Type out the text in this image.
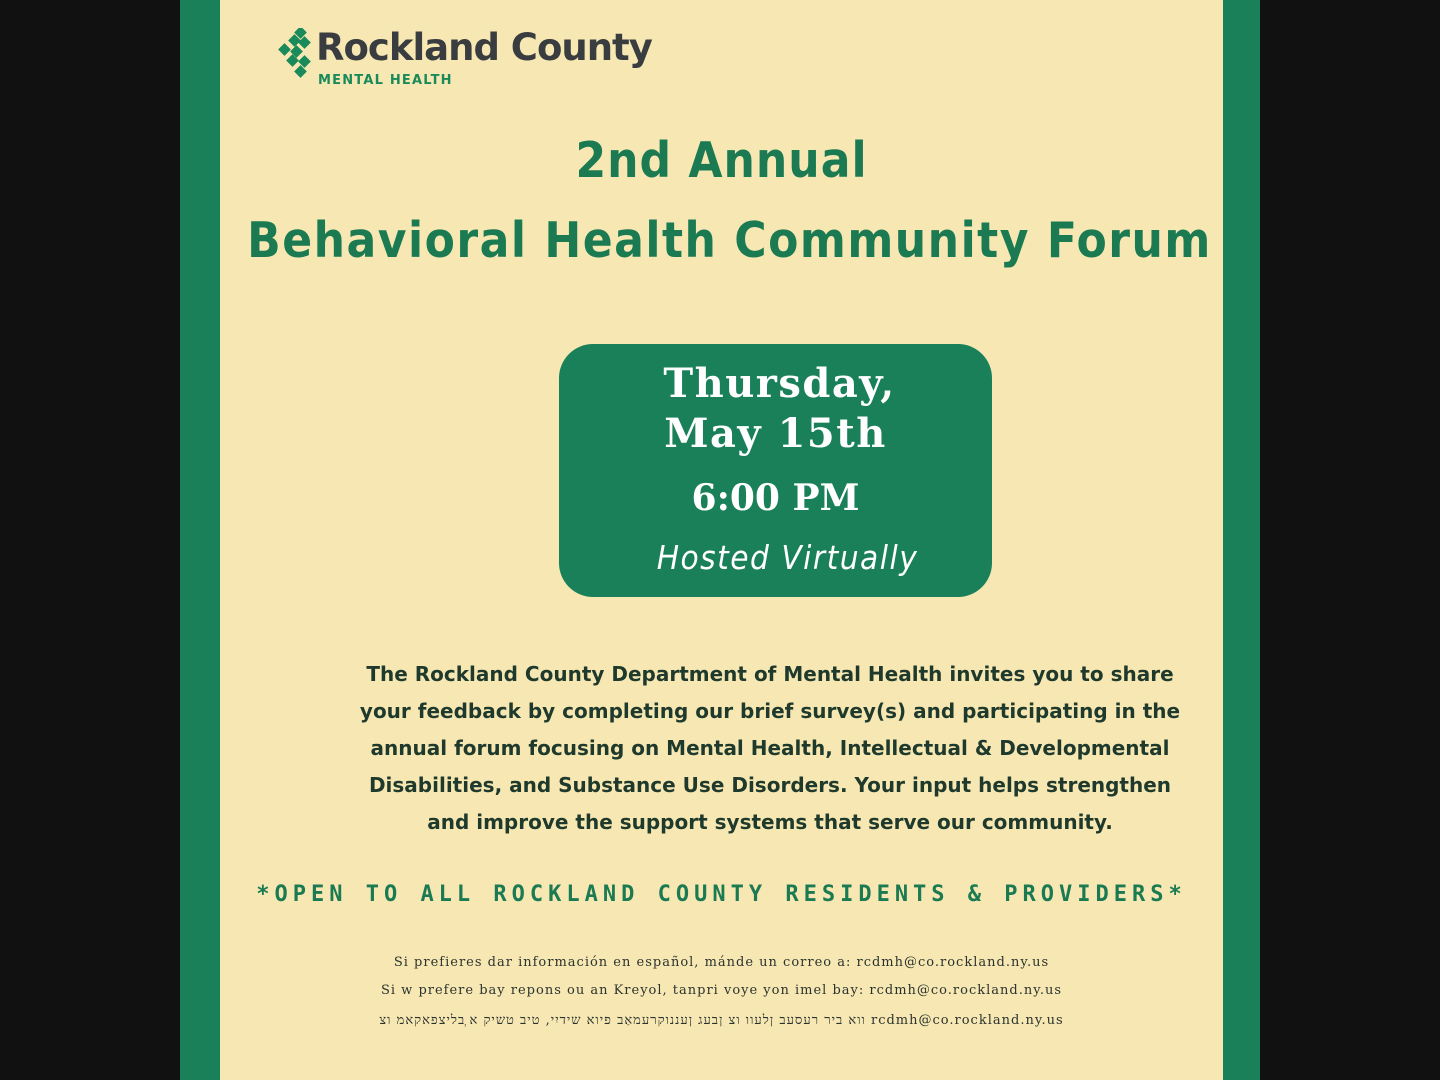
Rockland County
MENTAL HEALTH
2nd Annual
Behavioral Health Community Forum
Thursday,
May 15th
6:00 PM
Hosted Virtually
The Rockland County Department of Mental Health invites you to share
your feedback by completing our brief survey(s) and participating in the
annual forum focusing on Mental Health, Intellectual & Developmental
Disabilities, and Substance Use Disorders. Your input helps strengthen
and improve the support systems that serve our community.
*OPEN TO ALL ROCKLAND COUNTY RESIDENTS & PROVIDERS*
Si prefieres dar información en español, mánde un correo a: rcdmh@co.rockland.ny.us
Si w prefere bay repons ou an Kreyol, tanpri voye yon imel bay: rcdmh@co.rockland.ny.us
ווא ביר רעסעב ןלעוו וצ ןבעג ןעננוקרעמאַב פיוא שידיִי, טיב טשיק א ְבליצפאקאמ וצ rcdmh@co.rockland.ny.us
